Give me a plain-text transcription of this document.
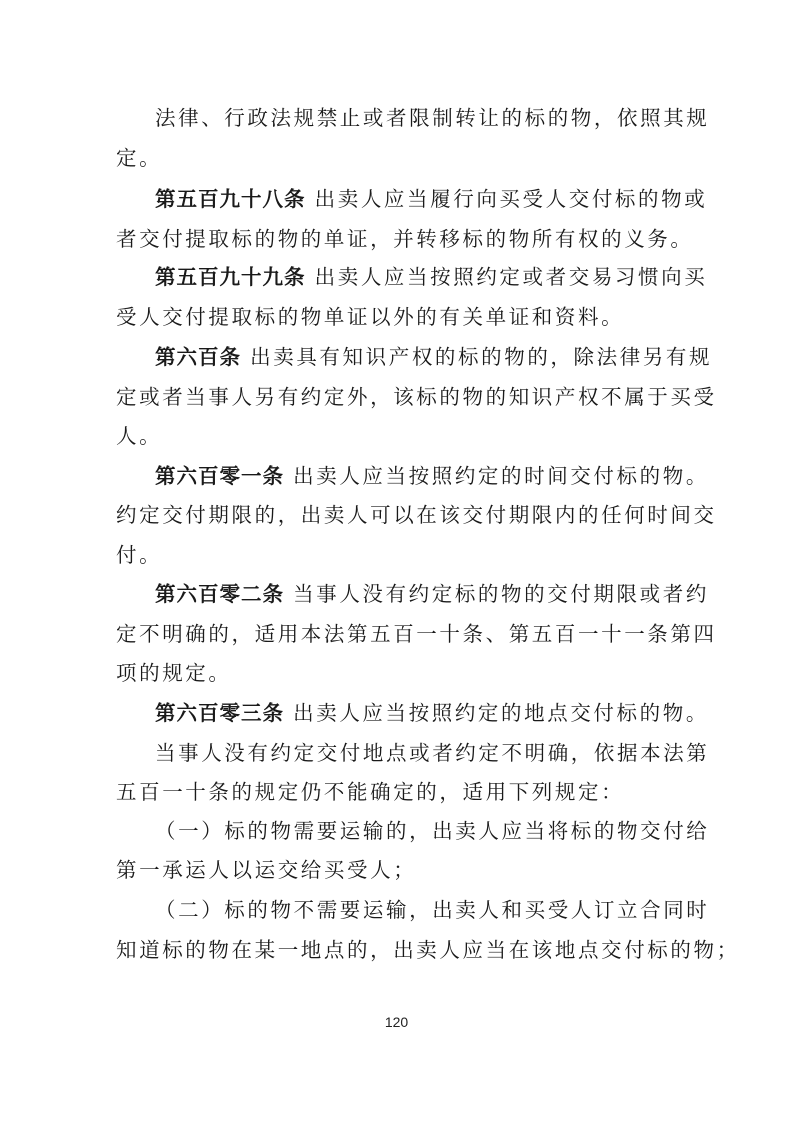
法律、行政法规禁止或者限制转让的标的物，依照其规
定。
第五百九十八条 出卖人应当履行向买受人交付标的物或
者交付提取标的物的单证，并转移标的物所有权的义务。
第五百九十九条 出卖人应当按照约定或者交易习惯向买
受人交付提取标的物单证以外的有关单证和资料。
第六百条 出卖具有知识产权的标的物的，除法律另有规
定或者当事人另有约定外，该标的物的知识产权不属于买受
人。
第六百零一条 出卖人应当按照约定的时间交付标的物。
约定交付期限的，出卖人可以在该交付期限内的任何时间交
付。
第六百零二条 当事人没有约定标的物的交付期限或者约
定不明确的，适用本法第五百一十条、第五百一十一条第四
项的规定。
第六百零三条 出卖人应当按照约定的地点交付标的物。
当事人没有约定交付地点或者约定不明确，依据本法第
五百一十条的规定仍不能确定的，适用下列规定：
（一）标的物需要运输的，出卖人应当将标的物交付给
第一承运人以运交给买受人；
（二）标的物不需要运输，出卖人和买受人订立合同时
知道标的物在某一地点的，出卖人应当在该地点交付标的物；
120
